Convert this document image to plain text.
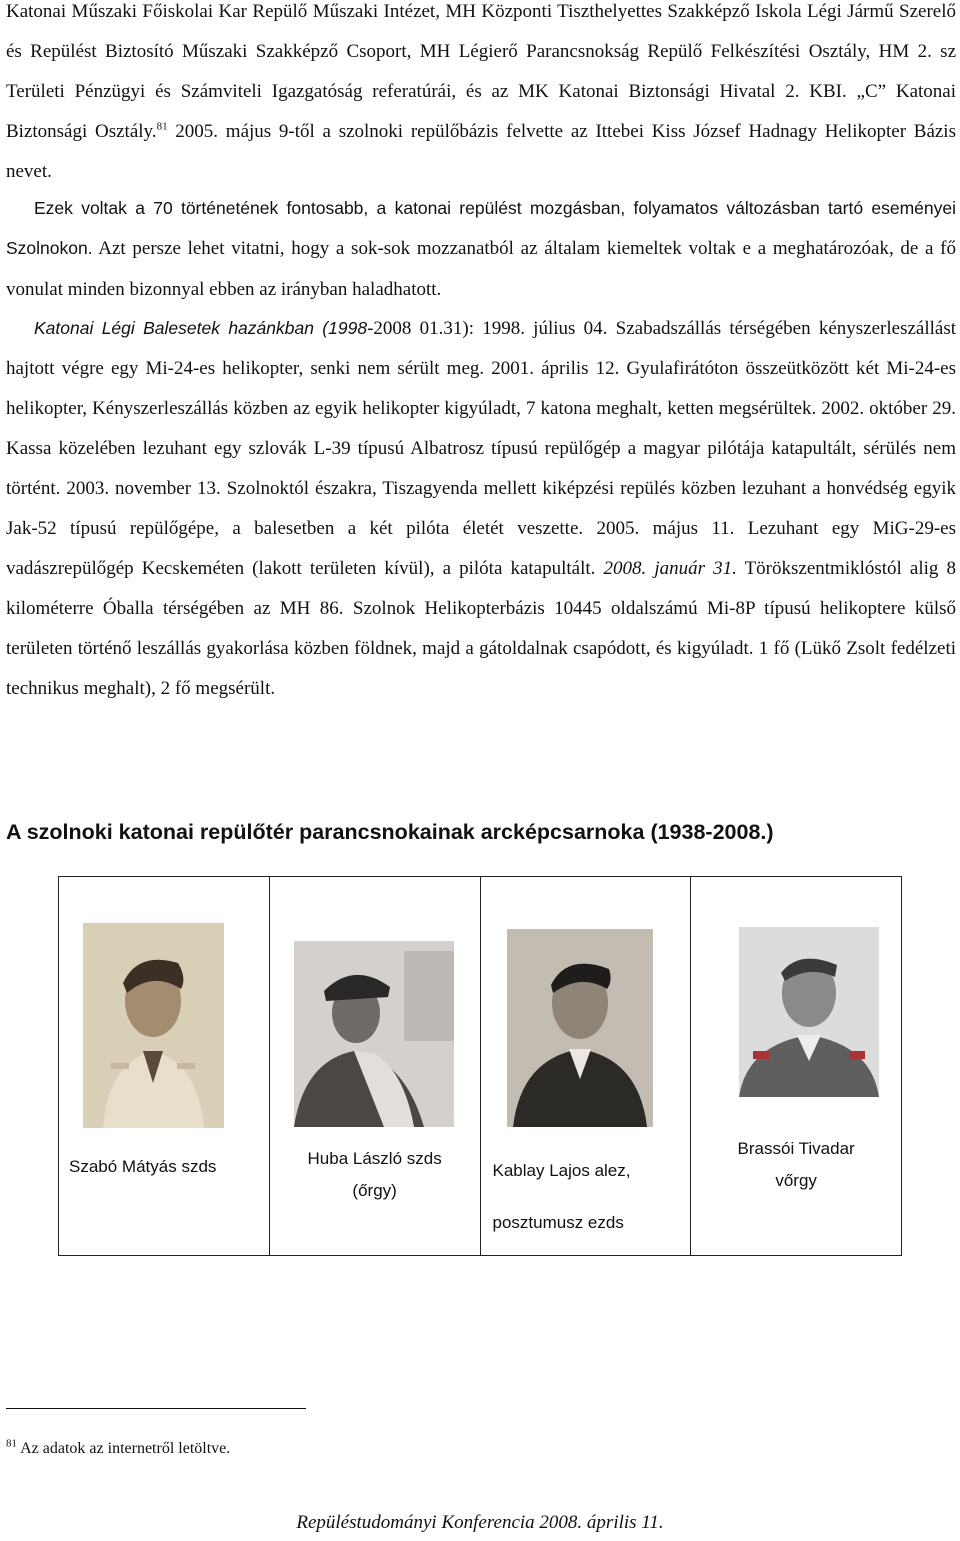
Katonai Műszaki Főiskolai Kar Repülő Műszaki Intézet, MH Központi Tiszthelyettes Szakképző Iskola Légi Jármű Szerelő és Repülést Biztosító Műszaki Szakképző Csoport, MH Légierő Parancsnokság Repülő Felkészítési Osztály, HM 2. sz Területi Pénzügyi és Számviteli Igazgatóság referatúrái, és az MK Katonai Biztonsági Hivatal 2. KBI. „C” Katonai Biztonsági Osztály.$^{81}$ 2005. május 9-től a szolnoki repülőbázis felvette az Ittebei Kiss József Hadnagy Helikopter Bázis nevet.

Ezek voltak a 70 történetének fontosabb, a katonai repülést mozgásban, folyamatos változásban tartó eseményei Szolnokon. Azt persze lehet vitatni, hogy a sok-sok mozzanatból az általam kiemeltek voltak e a meghatározóak, de a fő vonulat minden bizonnyal ebben az irányban haladhatott.

Katonai Légi Balesetek hazánkban (1998-2008 01.31): 1998. július 04. Szabadszállás térségében kényszerleszállást hajtott végre egy Mi-24-es helikopter, senki nem sérült meg. 2001. április 12. Gyulafirátóton összeütközött két Mi-24-es helikopter, Kényszerleszállás közben az egyik helikopter kigyúladt, 7 katona meghalt, ketten megsérültek. 2002. október 29. Kassa közelében lezuhant egy szlovák L-39 típusú Albatrosz típusú repülőgép a magyar pilótája katapultált, sérülés nem történt. 2003. november 13. Szolnoktól északra, Tiszagyenda mellett kiképzési repülés közben lezuhant a honvédség egyik Jak-52 típusú repülőgépe, a balesetben a két pilóta életét veszette. 2005. május 11. Lezuhant egy MiG-29-es vadászrepülőgép Kecskeméten (lakott területen kívül), a pilóta katapultált. 2008. január 31. Törökszentmiklóstól alig 8 kilométerre Óballa térségében az MH 86. Szolnok Helikopterbázis 10445 oldalszámú Mi-8P típusú helikoptere külső területen történő leszállás gyakorlása közben földnek, majd a gátoldalnak csapódott, és kigyúladt. 1 fő (Lükő Zsolt fedélzeti technikus meghalt), 2 fő megsérült.

A szolnoki katonai repülőtér parancsnokainak arcképcsarnoka (1938-2008.)
Szabó Mátyás szds	Huba László szds
(őrgy)

Kablay Lajos alez,
posztumusz ezds

Brassói Tivadar
vőrgy
$^{81}$ Az adatok az internetről letöltve.
Repüléstudományi Konferencia 2008. április 11.
